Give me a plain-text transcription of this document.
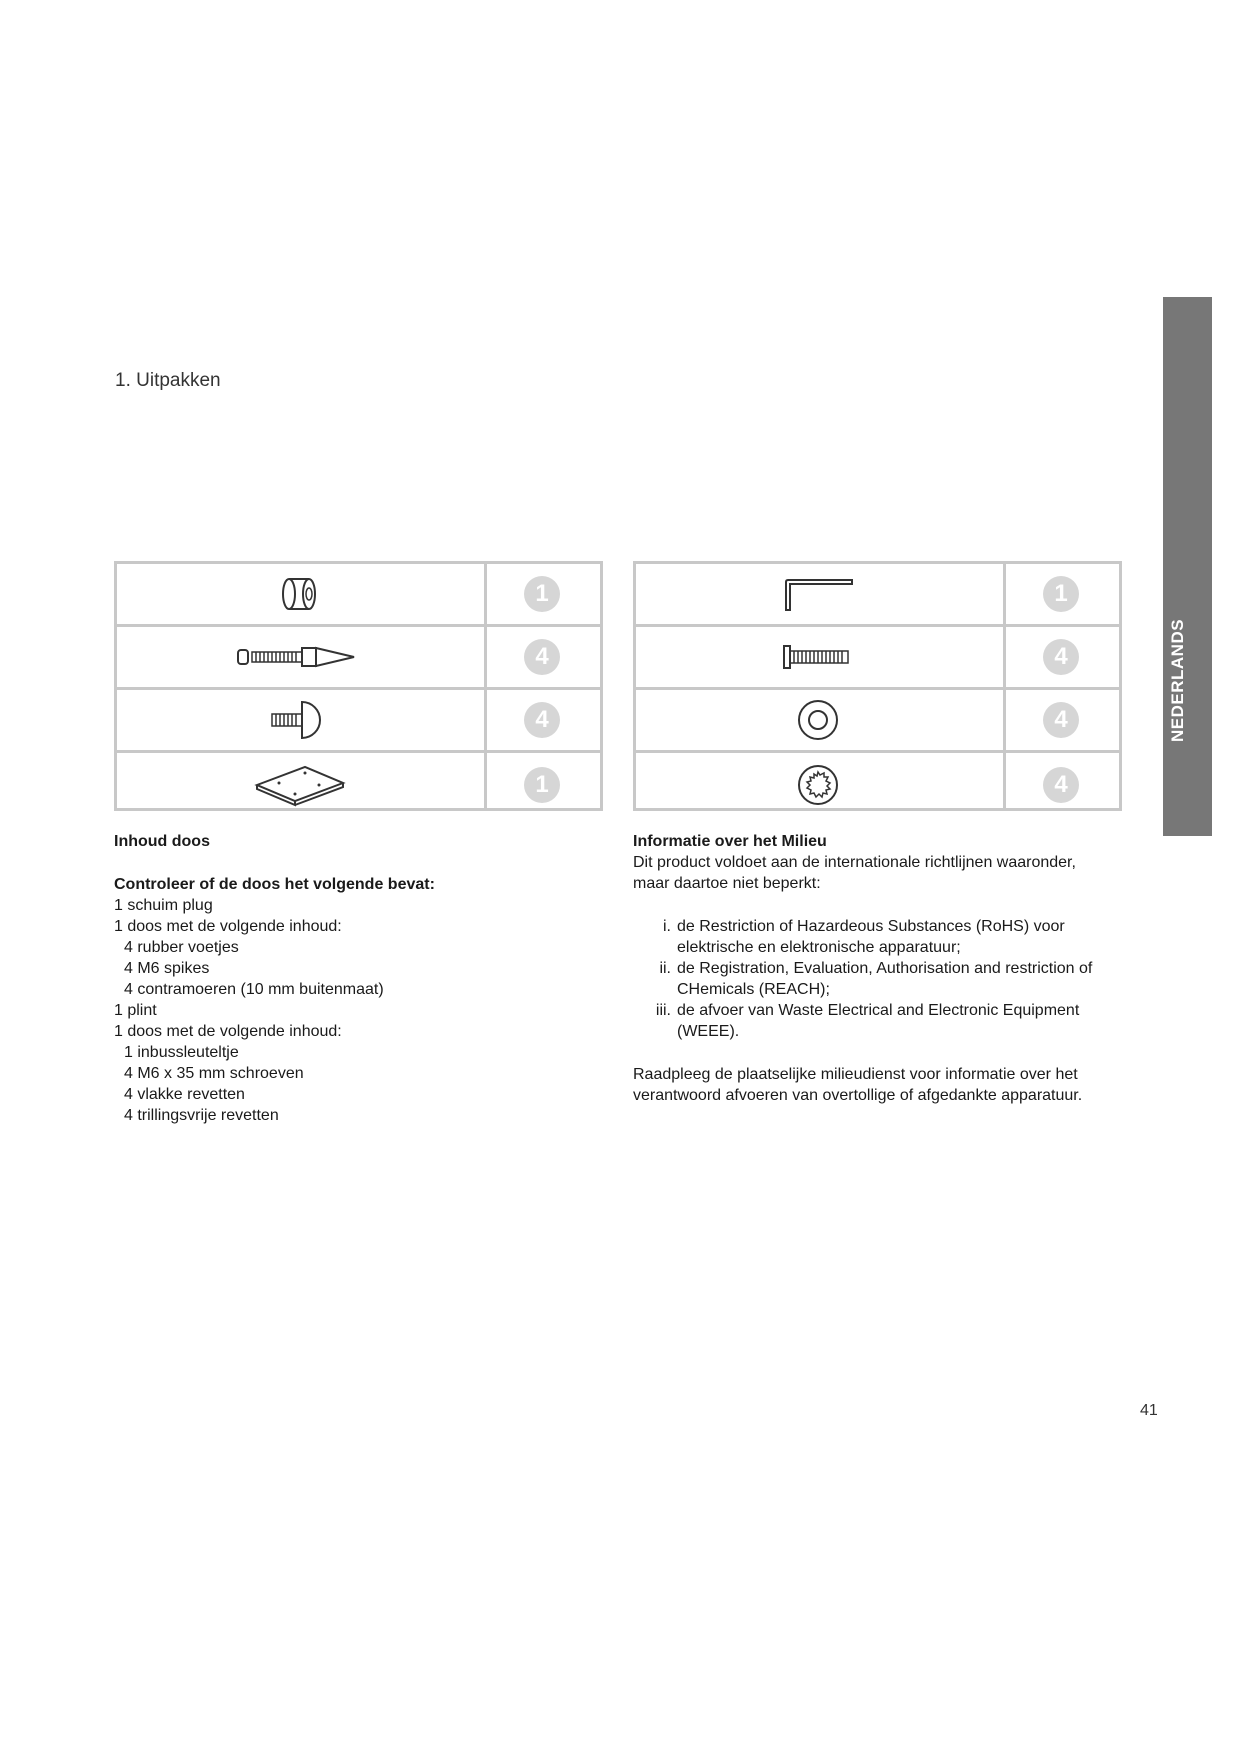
1. Uitpakken
1
4
4
1
1
4
4
4
Inhoud doos
Controleer of de doos het volgende bevat:
1 schuim plug
1 doos met de volgende inhoud:
4 rubber voetjes
4 M6 spikes
4 contramoeren (10 mm buitenmaat)
1 plint
1 doos met de volgende inhoud:
1 inbussleuteltje
4 M6 x 35 mm schroeven
4 vlakke revetten
4 trillingsvrije revetten
Informatie over het Milieu
Dit product voldoet aan de internationale richtlijnen waaronder,
maar daartoe niet beperkt:
i. de Restriction of Hazardeous Substances (RoHS) voor
elektrische en elektronische apparatuur;
ii. de Registration, Evaluation, Authorisation and restriction of
CHemicals (REACH);
iii. de afvoer van Waste Electrical and Electronic Equipment
(WEEE).
Raadpleeg de plaatselijke milieudienst voor informatie over het
verantwoord afvoeren van overtollige of afgedankte apparatuur.
41
